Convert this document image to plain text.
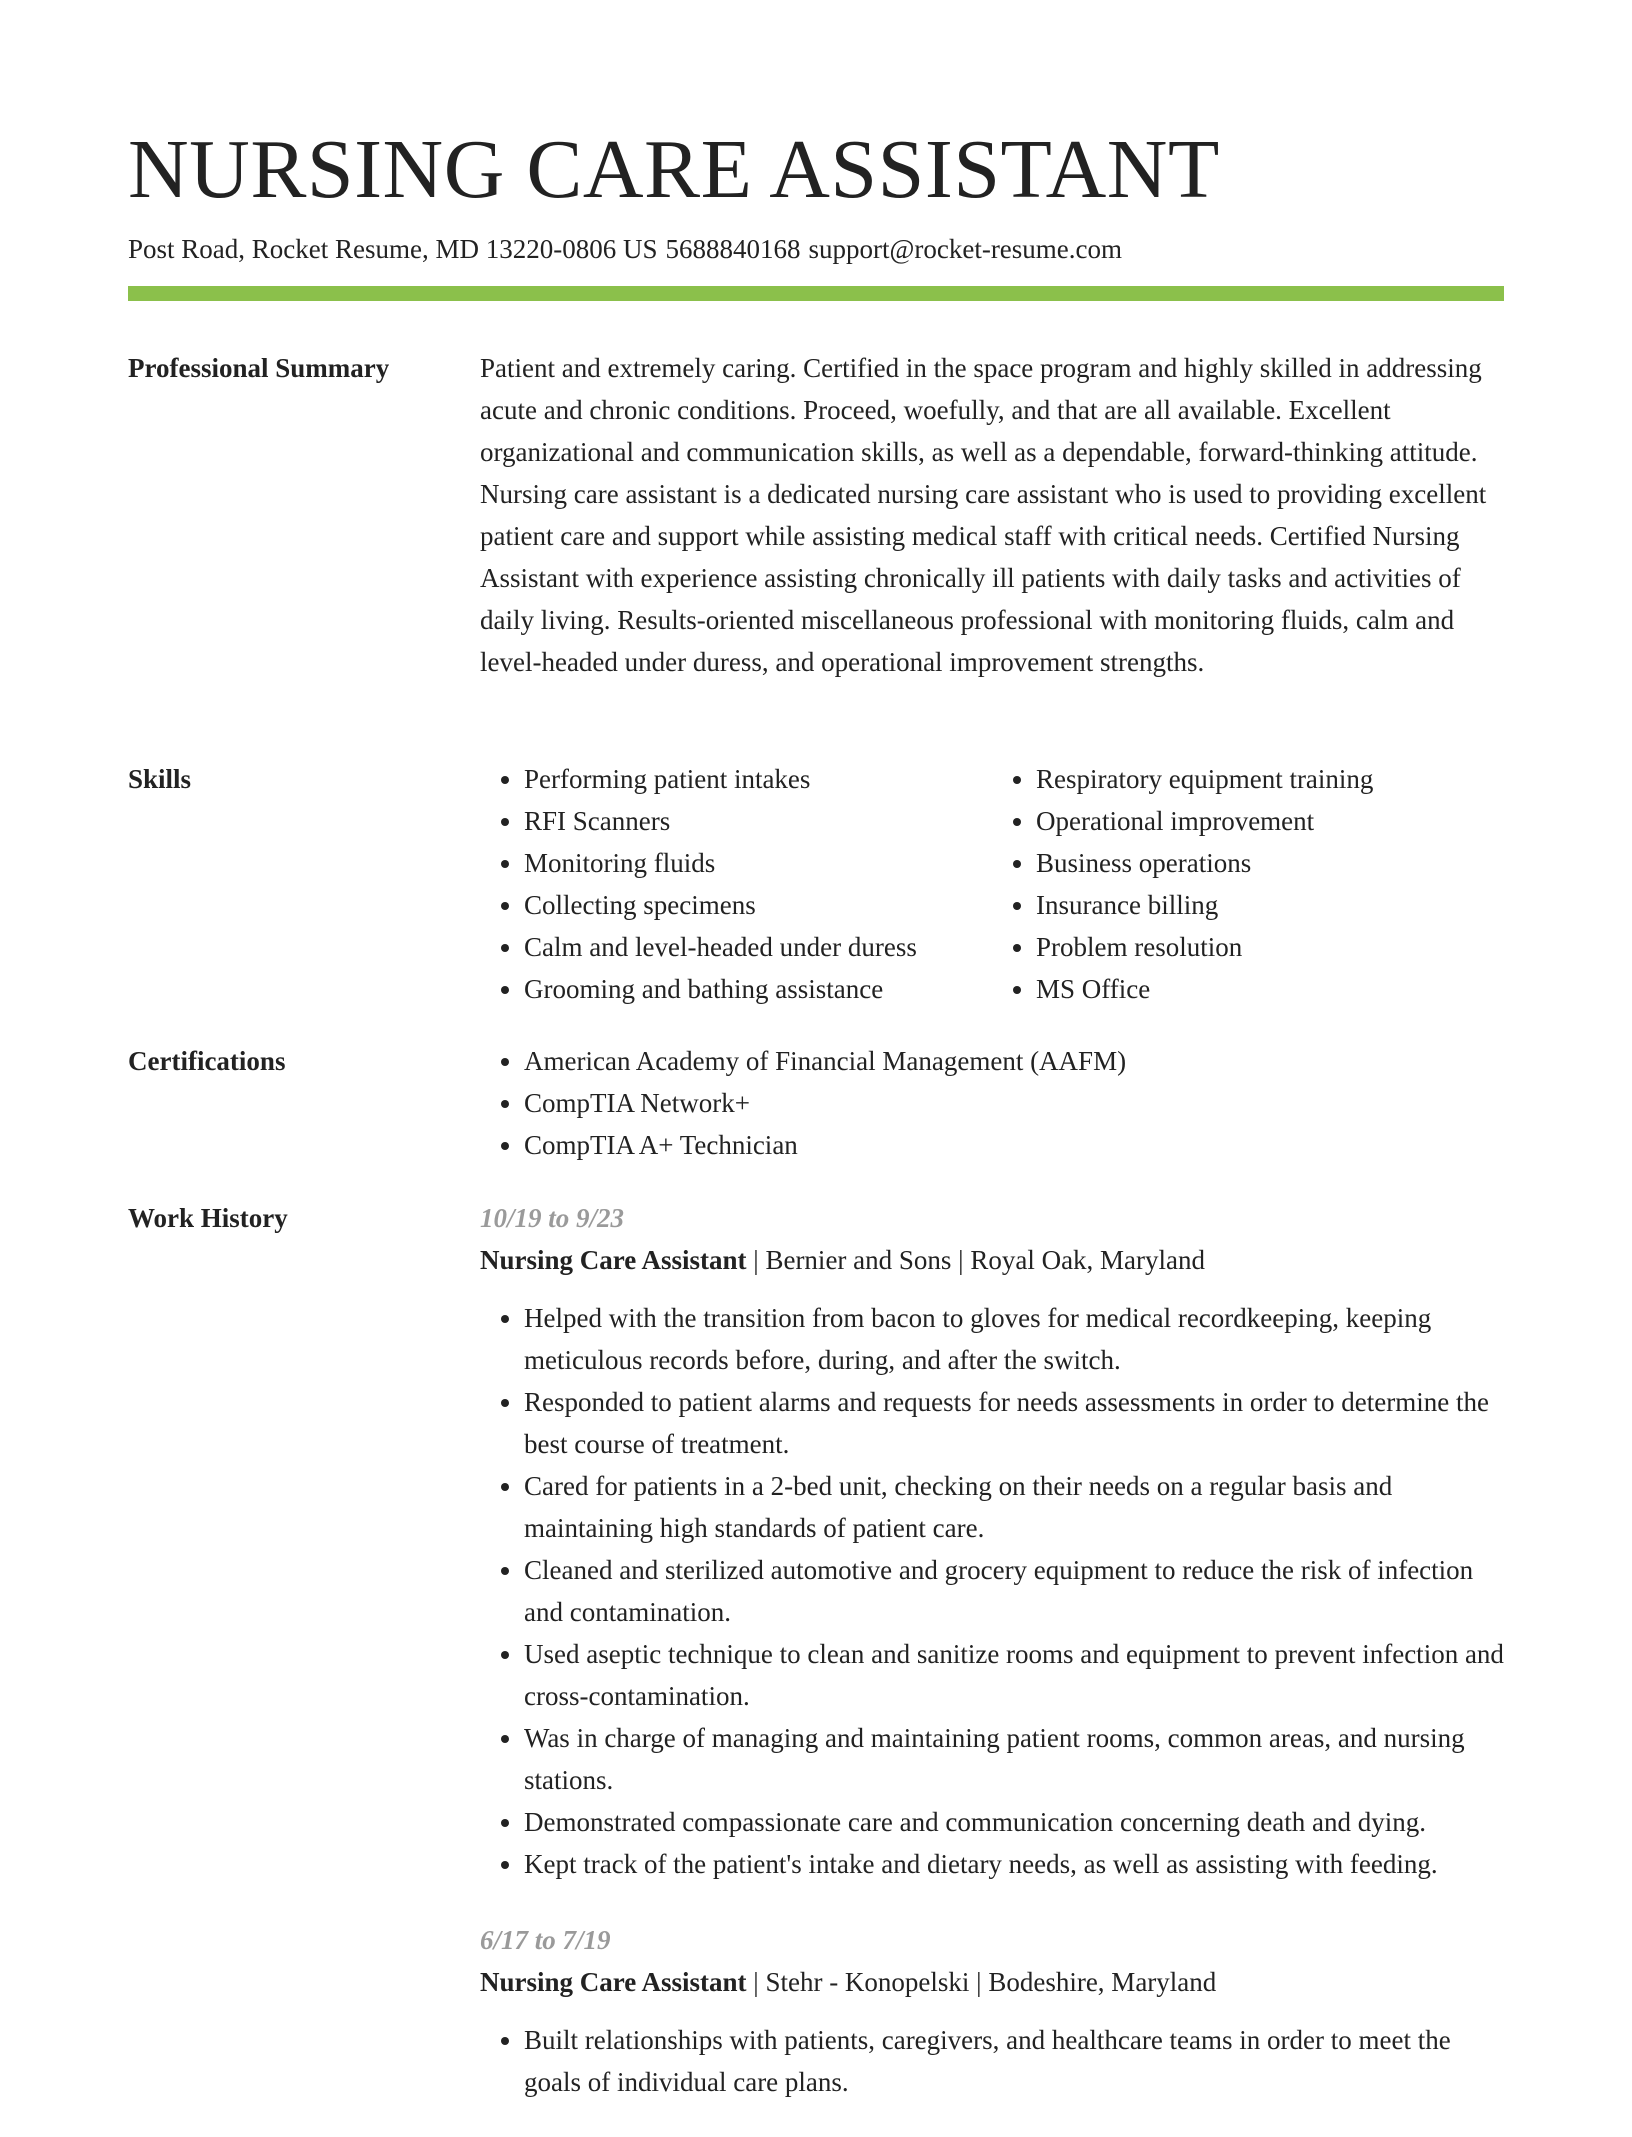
NURSING CARE ASSISTANT
Post Road, Rocket Resume, MD 13220-0806 US 5688840168 support@rocket-resume.com
Professional Summary	Patient and extremely caring. Certified in the space program and highly skilled in addressing acute and chronic conditions. Proceed, woefully, and that are all available. Excellent organizational and communication skills, as well as a dependable, forward-thinking attitude. Nursing care assistant is a dedicated nursing care assistant who is used to providing excellent patient care and support while assisting medical staff with critical needs. Certified Nursing Assistant with experience assisting chronically ill patients with daily tasks and activities of daily living. Results-oriented miscellaneous professional with monitoring fluids, calm and level-headed under duress, and operational improvement strengths.

Skills	• Performing patient intakes
• RFI Scanners
• Monitoring fluids
• Collecting specimens
• Calm and level-headed under duress
• Grooming and bathing assistance
• Respiratory equipment training
• Operational improvement
• Business operations
• Insurance billing
• Problem resolution
• MS Office
Certifications	• American Academy of Financial Management (AAFM)
• CompTIA Network+
• CompTIA A+ Technician
Work History	10/19 to 9/23
Nursing Care Assistant | Bernier and Sons | Royal Oak, Maryland
• Helped with the transition from bacon to gloves for medical recordkeeping, keeping meticulous records before, during, and after the switch.
• Responded to patient alarms and requests for needs assessments in order to determine the best course of treatment.
• Cared for patients in a 2-bed unit, checking on their needs on a regular basis and maintaining high standards of patient care.
• Cleaned and sterilized automotive and grocery equipment to reduce the risk of infection and contamination.
• Used aseptic technique to clean and sanitize rooms and equipment to prevent infection and cross-contamination.
• Was in charge of managing and maintaining patient rooms, common areas, and nursing stations.
• Demonstrated compassionate care and communication concerning death and dying.
• Kept track of the patient's intake and dietary needs, as well as assisting with feeding.
6/17 to 7/19
Nursing Care Assistant | Stehr - Konopelski | Bodeshire, Maryland
• Built relationships with patients, caregivers, and healthcare teams in order to meet the goals of individual care plans.
